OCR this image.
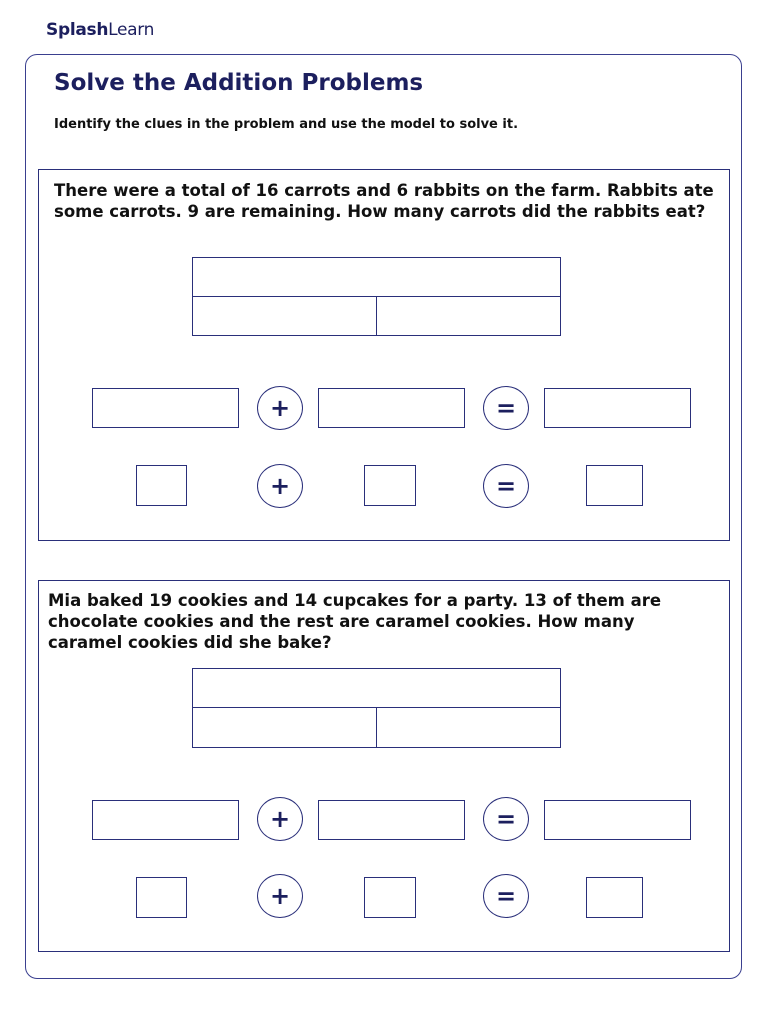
SplashLearn
Solve the Addition Problems
Identify the clues in the problem and use the model to solve it.
There were a total of 16 carrots and 6 rabbits on the farm. Rabbits ate some carrots. 9 are remaining. How many carrots did the rabbits eat?
+	=
+	=
Mia baked 19 cookies and 14 cupcakes for a party. 13 of them are chocolate cookies and the rest are caramel cookies. How many caramel cookies did she bake?
+	=
+	=
